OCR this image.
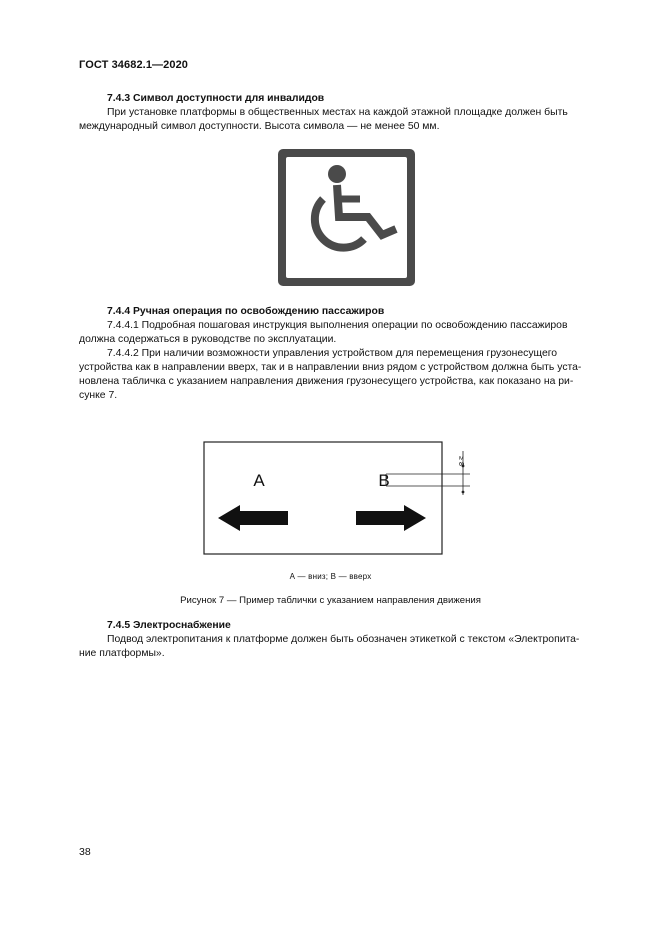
ГОСТ 34682.1—2020
7.4.3 Символ доступности для инвалидов
При установке платформы в общественных местах на каждой этажной площадке должен быть
международный символ доступности. Высота символа — не менее 50 мм.
7.4.4 Ручная операция по освобождению пассажиров
7.4.4.1 Подробная пошаговая инструкция выполнения операции по освобождению пассажиров
должна содержаться в руководстве по эксплуатации.
7.4.4.2 При наличии возможности управления устройством для перемещения грузонесущего
устройства как в направлении вверх, так и в направлении вниз рядом с устройством должна быть уста-
новлена табличка с указанием направления движения грузонесущего устройства, как показано на ри-
сунке 7.
A	B
≥ 8
А — вниз; В — вверх
Рисунок 7 — Пример таблички с указанием направления движения
7.4.5 Электроснабжение
Подвод электропитания к платформе должен быть обозначен этикеткой с текстом «Электропита-
ние платформы».
38
